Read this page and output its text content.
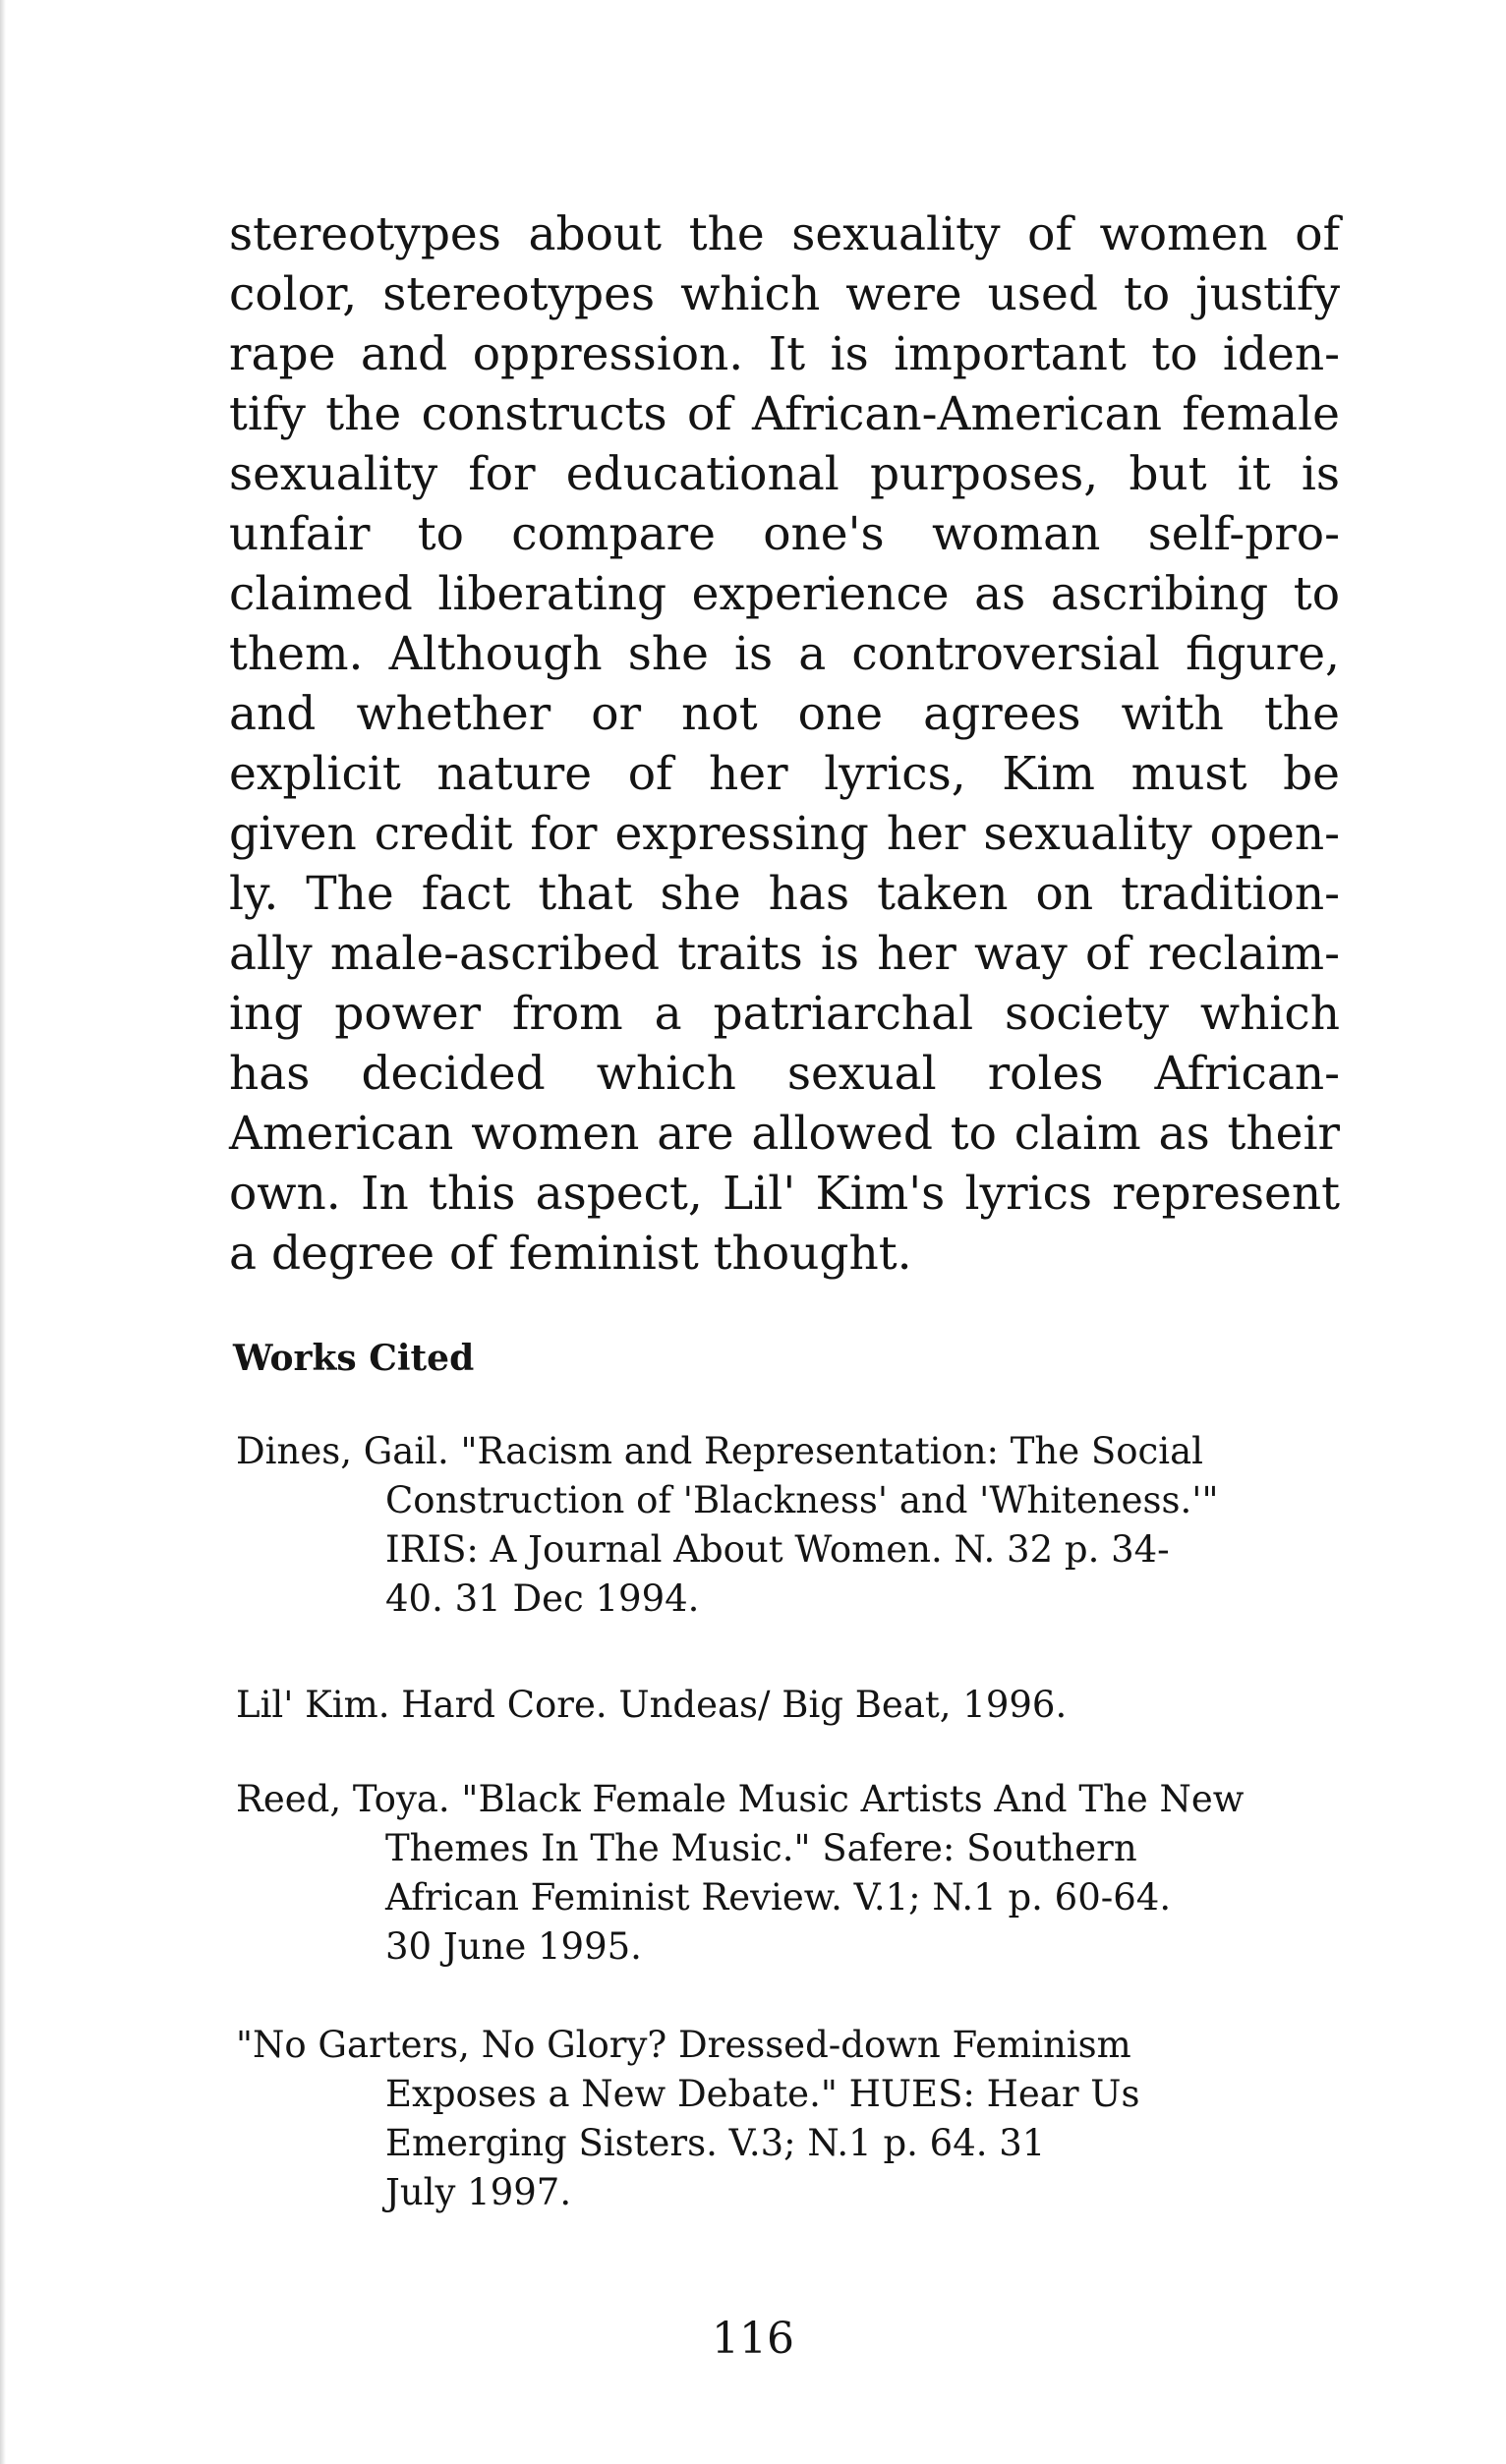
stereotypes about the sexuality of women of
color, stereotypes which were used to justify
rape and oppression. It is important to iden-
tify the constructs of African-American female
sexuality for educational purposes, but it is
unfair to compare one's woman self-pro-
claimed liberating experience as ascribing to
them. Although she is a controversial figure,
and whether or not one agrees with the
explicit nature of her lyrics, Kim must be
given credit for expressing her sexuality open-
ly. The fact that she has taken on tradition-
ally male-ascribed traits is her way of reclaim-
ing power from a patriarchal society which
has decided which sexual roles African-
American women are allowed to claim as their
own. In this aspect, Lil' Kim's lyrics represent
a degree of feminist thought.

Works Cited

Dines, Gail. "Racism and Representation: The Social
Construction of 'Blackness' and 'Whiteness.'"
IRIS: A Journal About Women. N. 32 p. 34-
40. 31 Dec 1994.

Lil' Kim. Hard Core. Undeas/ Big Beat, 1996.

Reed, Toya. "Black Female Music Artists And The New
Themes In The Music." Safere: Southern
African Feminist Review. V.1; N.1 p. 60-64.
30 June 1995.

"No Garters, No Glory? Dressed-down Feminism
Exposes a New Debate." HUES: Hear Us
Emerging Sisters. V.3; N.1 p. 64. 31
July 1997.

116
